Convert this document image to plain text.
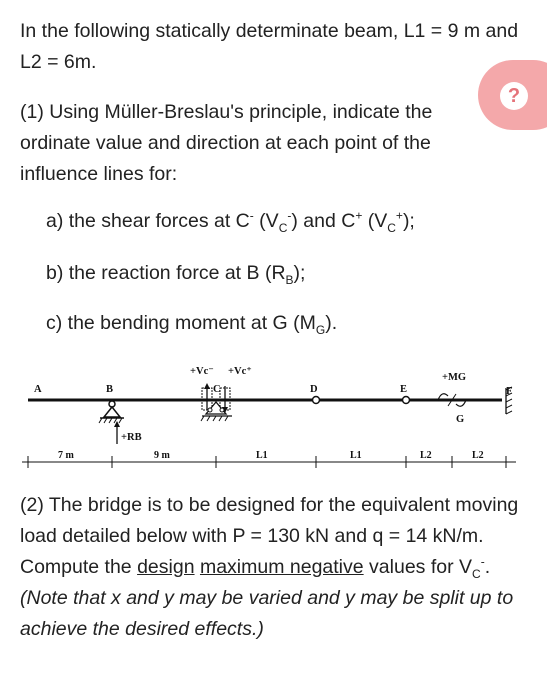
In the following statically determinate beam, L1 = 9 m and L2 = 6m.

?

(1) Using Müller-Breslau's principle, indicate the ordinate value and direction at each point of the influence lines for:

a) the shear forces at C- $(V_C^-)$ and C+ $(V_C^+)$;

b) the reaction force at B $(R_B)$;

c) the bending moment at G $(M_G)$.

A	B	D	E	F
G
+RB
C
+Vc⁻ +Vc⁺
+MG
7 m	9 m	L1	L1	L2	L2

(2) The bridge is to be designed for the equivalent moving load detailed below with P = 130 kN and q = 14 kN/m. Compute the design maximum negative values for $V_C^-.(Note$ that x and y may be varied and y may be split up to achieve the desired effects.)
